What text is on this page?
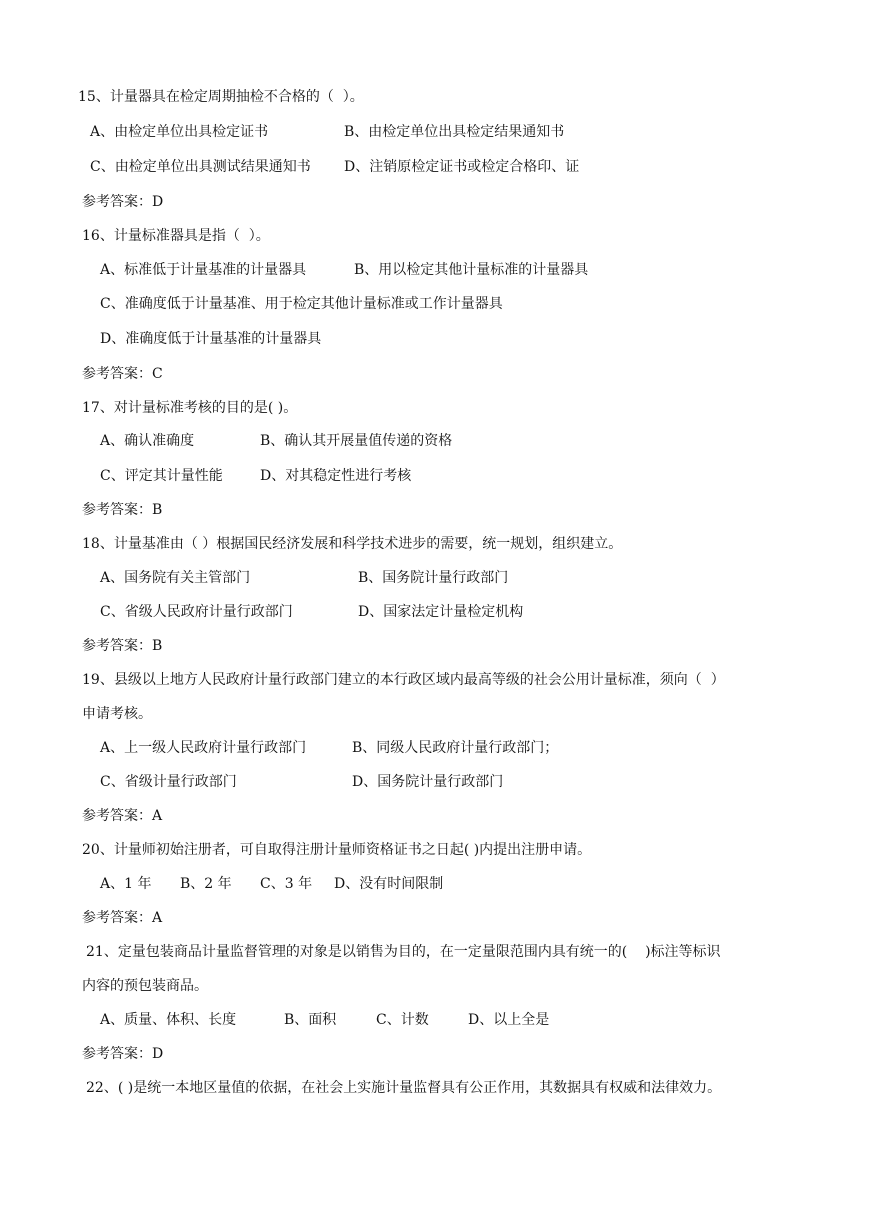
15、计量器具在检定周期抽检不合格的（  ）。
A、由检定单位出具检定证书	B、由检定单位出具检定结果通知书
C、由检定单位出具测试结果通知书 D、注销原检定证书或检定合格印、证
参考答案：D
16、计量标准器具是指（  ）。
A、标准低于计量基准的计量器具	B、用以检定其他计量标准的计量器具
C、准确度低于计量基准、用于检定其他计量标准或工作计量器具
D、准确度低于计量基准的计量器具
参考答案：C
17、对计量标准考核的目的是( )。
A、确认准确度	B、确认其开展量值传递的资格
C、评定其计量性能	D、对其稳定性进行考核
参考答案：B
18、计量基准由（ ）根据国民经济发展和科学技术进步的需要，统一规划，组织建立。
A、国务院有关主管部门	B、国务院计量行政部门
C、省级人民政府计量行政部门	D、国家法定计量检定机构
参考答案：B
19、县级以上地方人民政府计量行政部门建立的本行政区域内最高等级的社会公用计量标准，须向（  ）
申请考核。
A、上一级人民政府计量行政部门	B、同级人民政府计量行政部门；
C、省级计量行政部门	D、国务院计量行政部门
参考答案：A
20、计量师初始注册者，可自取得注册计量师资格证书之日起( )内提出注册申请。
A、1 年 B、2 年 C、3 年 D、没有时间限制
参考答案：A
21、定量包装商品计量监督管理的对象是以销售为目的，在一定量限范围内具有统一的(    )标注等标识
内容的预包装商品。
A、质量、体积、长度	B、面积	C、计数	D、以上全是
参考答案：D
22、( )是统一本地区量值的依据，在社会上实施计量监督具有公正作用，其数据具有权威和法律效力。
